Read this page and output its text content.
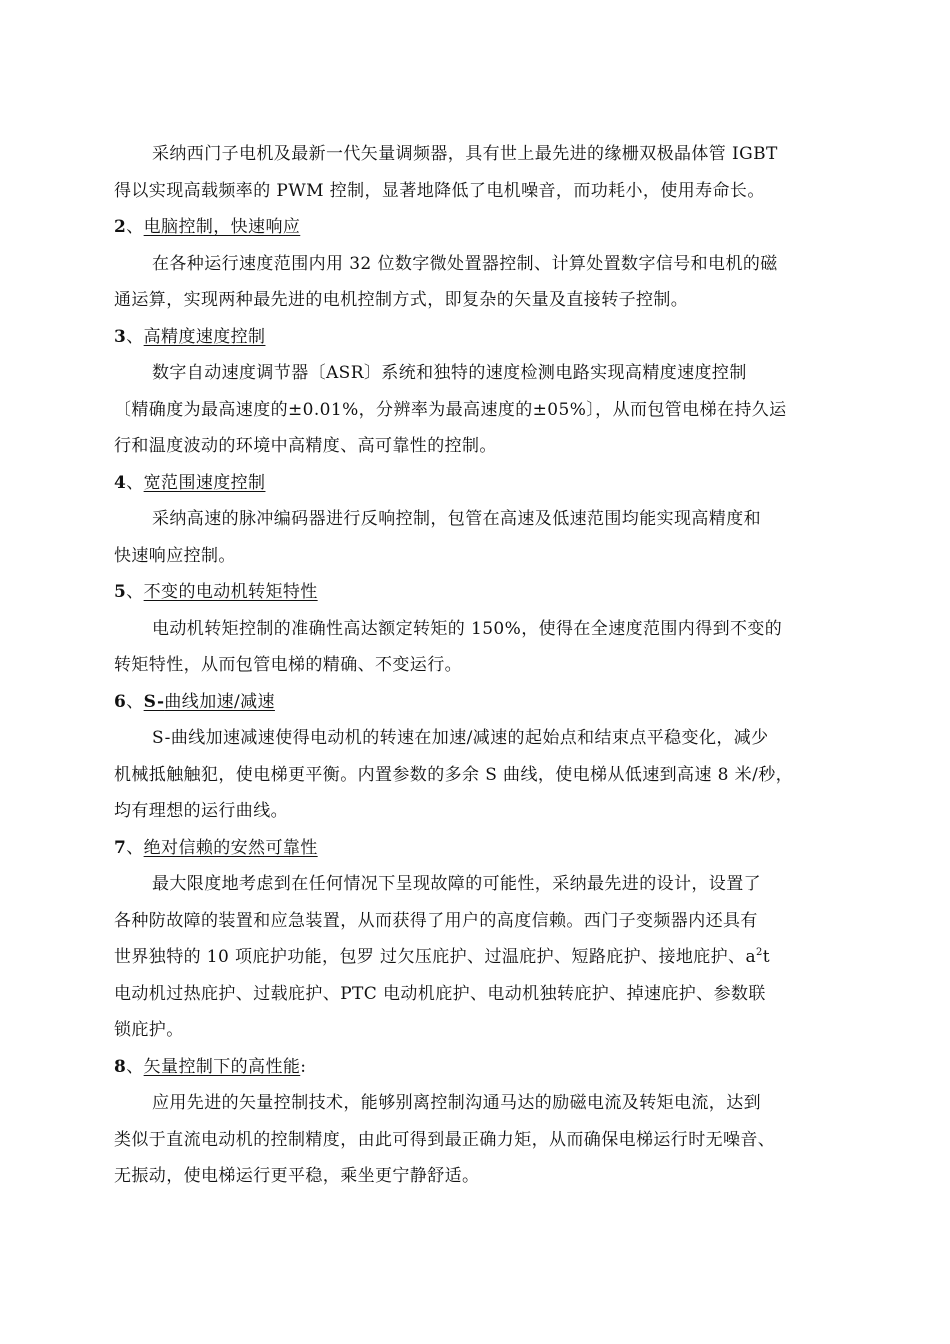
采纳西门子电机及最新一代矢量调频器，具有世上最先进的缘栅双极晶体管 IGBT
得以实现高载频率的 PWM 控制，显著地降低了电机噪音，而功耗小，使用寿命长。

2、电脑控制，快速响应

在各种运行速度范围内用 32 位数字微处置器控制、计算处置数字信号和电机的磁
通运算，实现两种最先进的电机控制方式，即复杂的矢量及直接转子控制。

3、高精度速度控制

数字自动速度调节器〔ASR〕系统和独特的速度检测电路实现高精度速度控制
〔精确度为最高速度的±0.01%，分辨率为最高速度的±05%〕，从而包管电梯在持久运
行和温度波动的环境中高精度、高可靠性的控制。

4、宽范围速度控制

采纳高速的脉冲编码器进行反响控制，包管在高速及低速范围均能实现高精度和
快速响应控制。

5、不变的电动机转矩特性

电动机转矩控制的准确性高达额定转矩的 150%，使得在全速度范围内得到不变的
转矩特性，从而包管电梯的精确、不变运行。

6、S-曲线加速/减速

S-曲线加速减速使得电动机的转速在加速/减速的起始点和结束点平稳变化，减少
机械抵触触犯，使电梯更平衡。内置参数的多余 S 曲线，使电梯从低速到高速 8 米/秒，
均有理想的运行曲线。

7、绝对信赖的安然可靠性

最大限度地考虑到在任何情况下呈现故障的可能性，采纳最先进的设计，设置了
各种防故障的装置和应急装置，从而获得了用户的高度信赖。西门子变频器内还具有
世界独特的 10 项庇护功能，包罗 过欠压庇护、过温庇护、短路庇护、接地庇护、$a^2t$
电动机过热庇护、过载庇护、PTC 电动机庇护、电动机独转庇护、掉速庇护、参数联
锁庇护。

8、矢量控制下的高性能:

应用先进的矢量控制技术，能够别离控制沟通马达的励磁电流及转矩电流，达到
类似于直流电动机的控制精度，由此可得到最正确力矩，从而确保电梯运行时无噪音、
无振动，使电梯运行更平稳，乘坐更宁静舒适。
